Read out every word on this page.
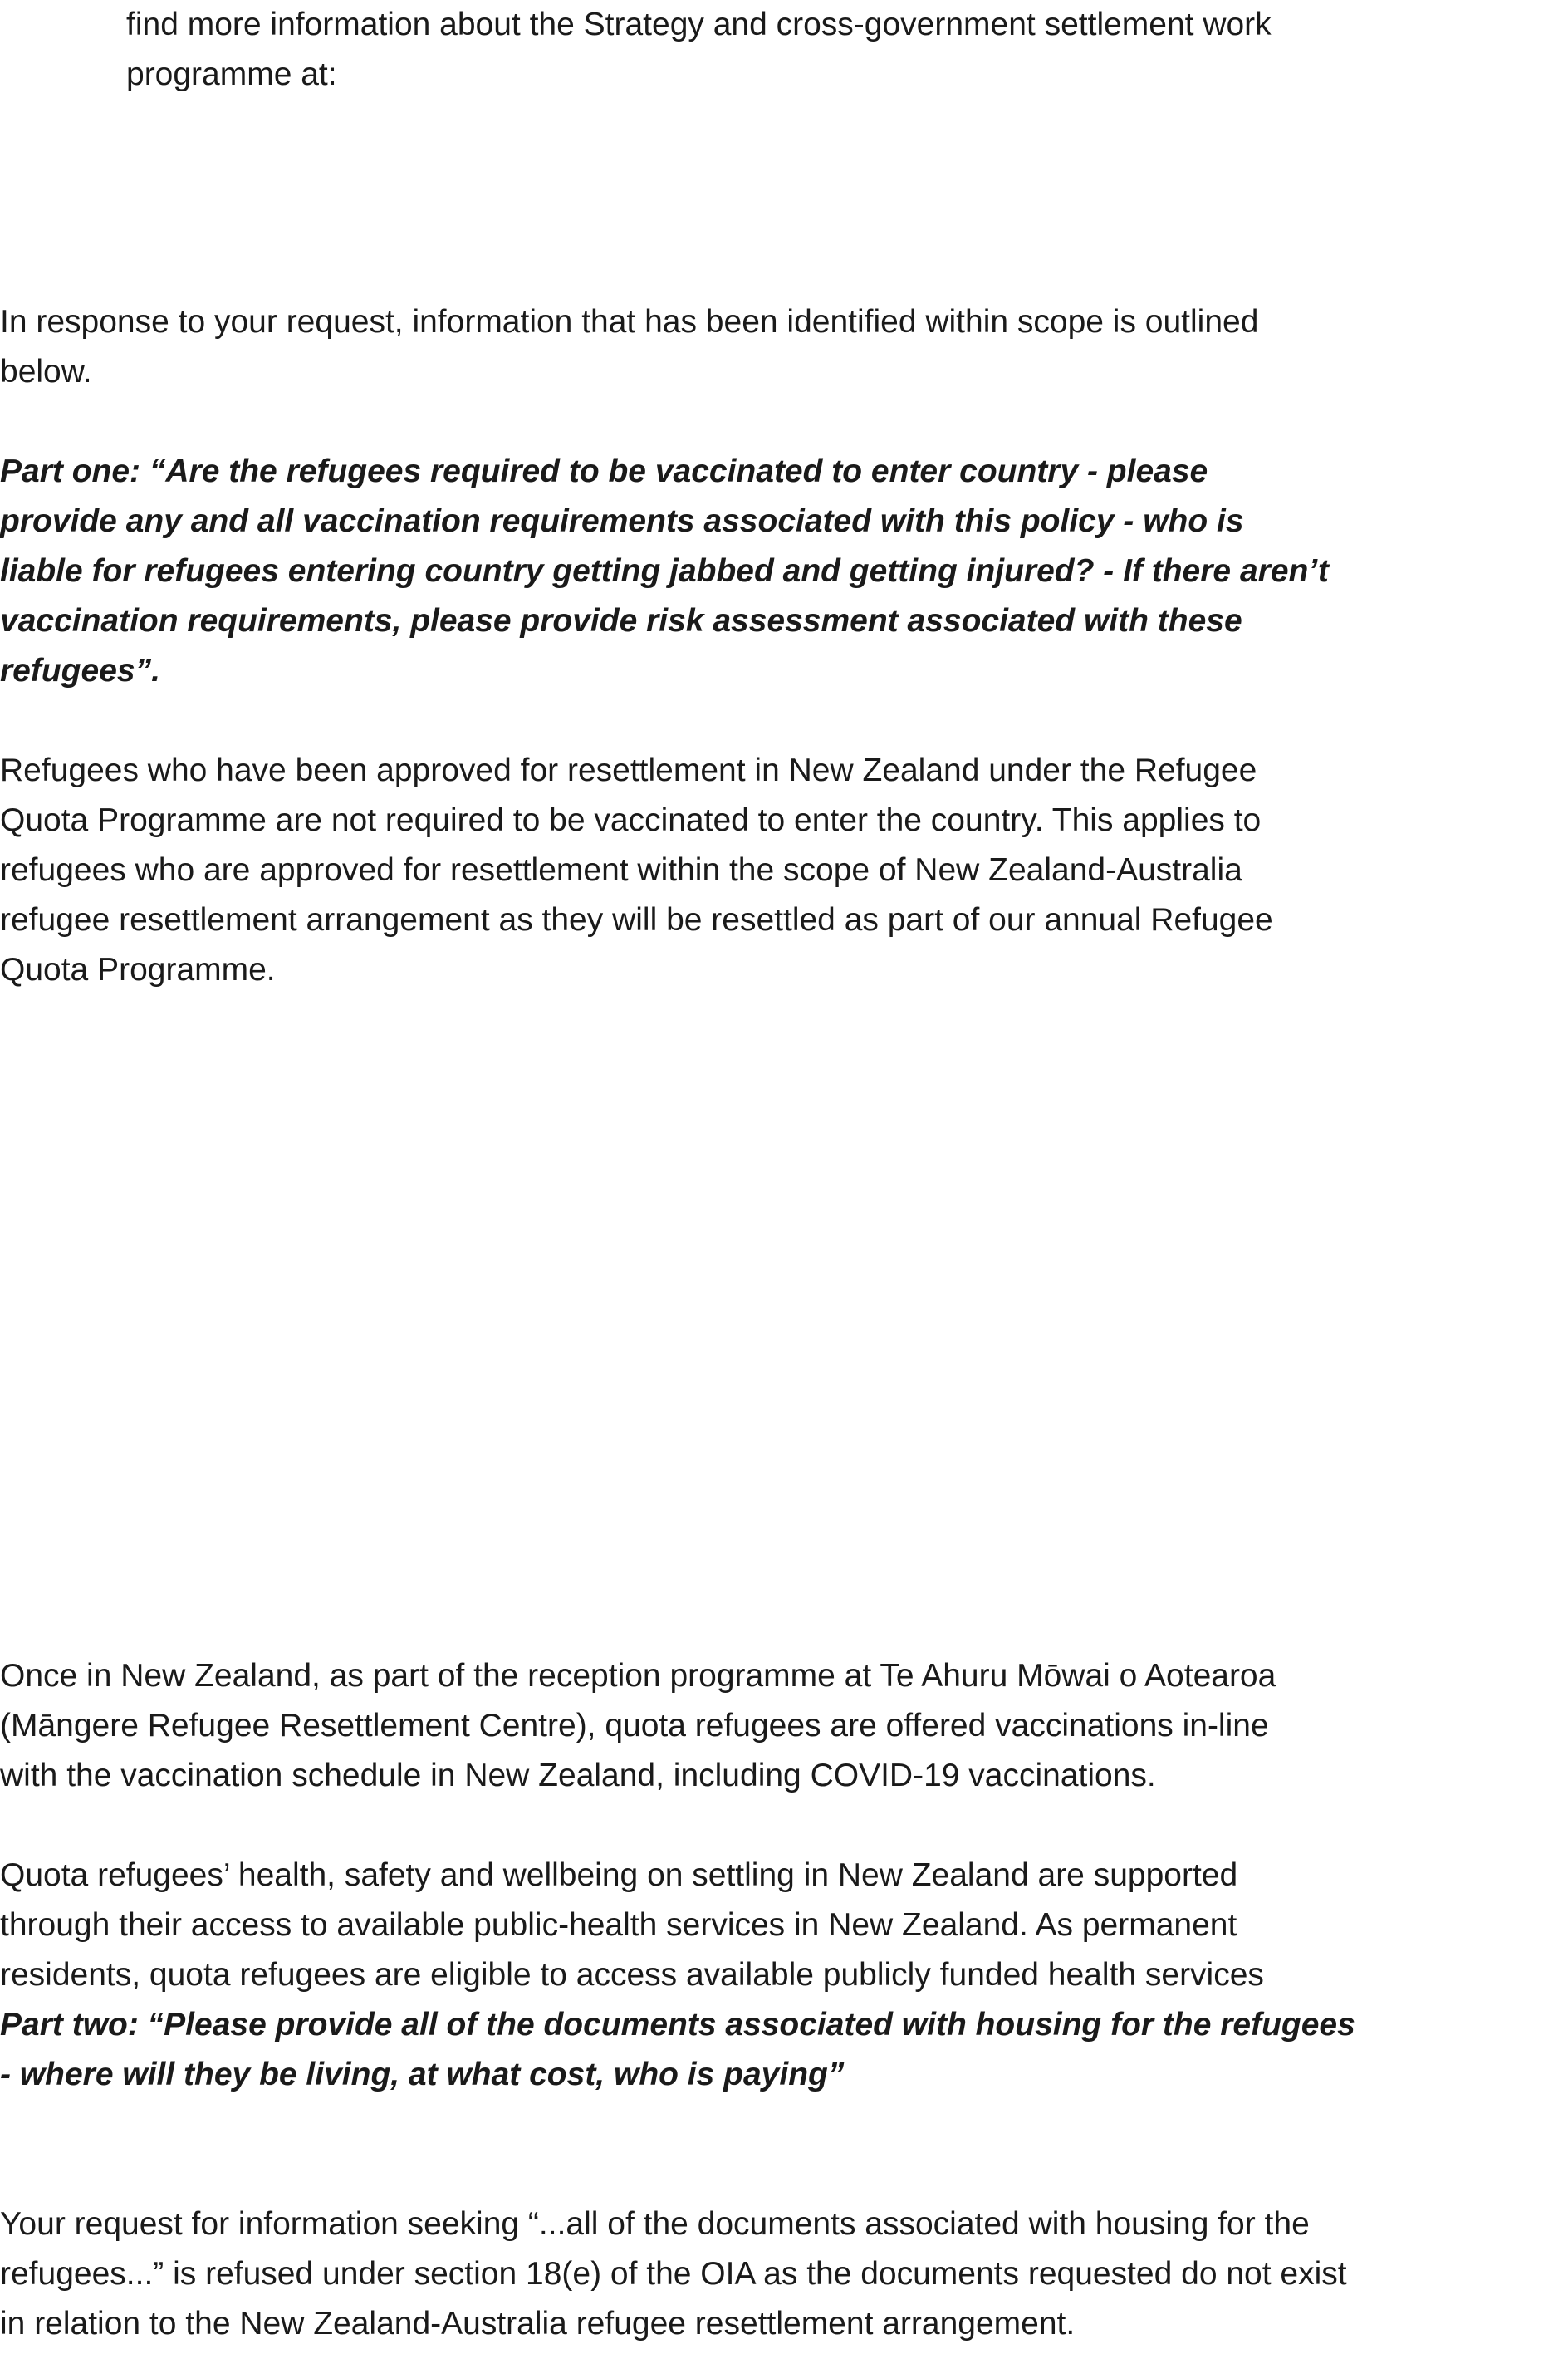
find more information about the Strategy and cross-government settlement work
programme at:

In response to your request, information that has been identified within scope is outlined
below.

Part one: “Are the refugees required to be vaccinated to enter country - please
provide any and all vaccination requirements associated with this policy - who is
liable for refugees entering country getting jabbed and getting injured? - If there aren’t
vaccination requirements, please provide risk assessment associated with these
refugees”.

Refugees who have been approved for resettlement in New Zealand under the Refugee
Quota Programme are not required to be vaccinated to enter the country. This applies to
refugees who are approved for resettlement within the scope of New Zealand-Australia
refugee resettlement arrangement as they will be resettled as part of our annual Refugee
Quota Programme.

Once in New Zealand, as part of the reception programme at Te Ahuru Mōwai o Aotearoa
(Māngere Refugee Resettlement Centre), quota refugees are offered vaccinations in-line
with the vaccination schedule in New Zealand, including COVID-19 vaccinations.

Quota refugees’ health, safety and wellbeing on settling in New Zealand are supported
through their access to available public-health services in New Zealand. As permanent
residents, quota refugees are eligible to access available publicly funded health services

Part two: “Please provide all of the documents associated with housing for the refugees
- where will they be living, at what cost, who is paying”

Your request for information seeking “...all of the documents associated with housing for the
refugees...” is refused under section 18(e) of the OIA as the documents requested do not exist
in relation to the New Zealand-Australia refugee resettlement arrangement.
